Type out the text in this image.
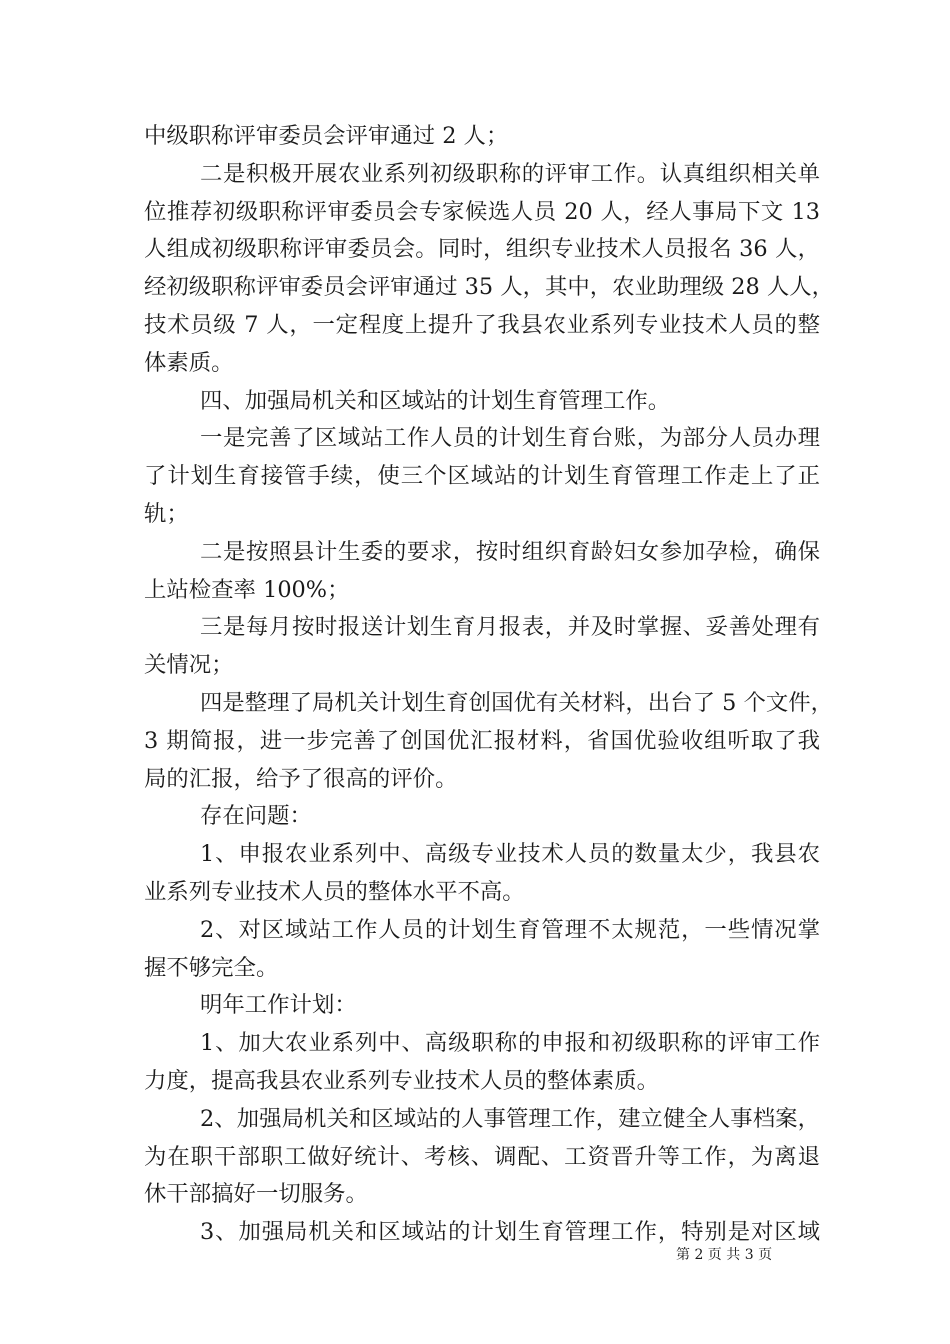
中级职称评审委员会评审通过 2 人；

二是积极开展农业系列初级职称的评审工作。认真组织相关单
位推荐初级职称评审委员会专家候选人员 20 人，经人事局下文 13
人组成初级职称评审委员会。同时，组织专业技术人员报名 36 人，
经初级职称评审委员会评审通过 35 人，其中，农业助理级 28 人人，
技术员级 7 人，一定程度上提升了我县农业系列专业技术人员的整
体素质。

四、加强局机关和区域站的计划生育管理工作。

一是完善了区域站工作人员的计划生育台账，为部分人员办理
了计划生育接管手续，使三个区域站的计划生育管理工作走上了正
轨；

二是按照县计生委的要求，按时组织育龄妇女参加孕检，确保
上站检查率 100%；

三是每月按时报送计划生育月报表，并及时掌握、妥善处理有
关情况；

四是整理了局机关计划生育创国优有关材料，出台了 5 个文件，
3 期简报，进一步完善了创国优汇报材料，省国优验收组听取了我
局的汇报，给予了很高的评价。

存在问题：

1、申报农业系列中、高级专业技术人员的数量太少，我县农
业系列专业技术人员的整体水平不高。

2、对区域站工作人员的计划生育管理不太规范，一些情况掌
握不够完全。

明年工作计划：

1、加大农业系列中、高级职称的申报和初级职称的评审工作
力度，提高我县农业系列专业技术人员的整体素质。

2、加强局机关和区域站的人事管理工作，建立健全人事档案，
为在职干部职工做好统计、考核、调配、工资晋升等工作，为离退
休干部搞好一切服务。

3、加强局机关和区域站的计划生育管理工作，特别是对区域

第 2 页 共 3 页
